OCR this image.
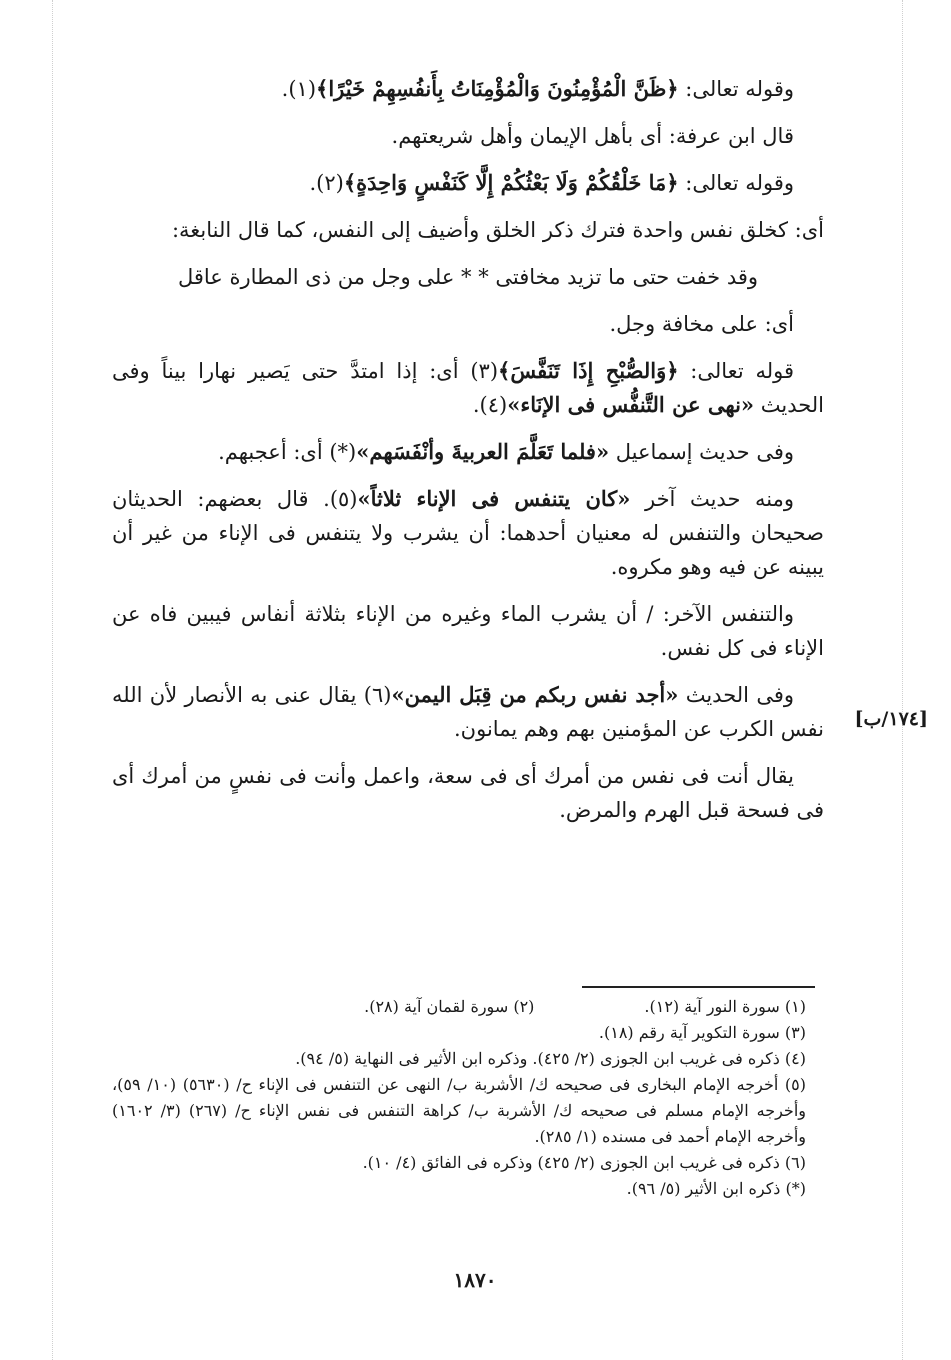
وقوله تعالى: ﴿ظَنَّ الْمُؤْمِنُونَ وَالْمُؤْمِنَاتُ بِأَنفُسِهِمْ خَيْرًا﴾(١).

قال ابن عرفة: أى بأهل الإيمان وأهل شريعتهم.

وقوله تعالى: ﴿مَا خَلْقُكُمْ وَلَا بَعْثُكُمْ إِلَّا كَنَفْسٍ وَاحِدَةٍ﴾(٢).

أى: كخلق نفس واحدة فترك ذكر الخلق وأضيف إلى النفس، كما قال النابغة:

وقد خفت حتى ما تزيد مخافتى * * على وجل من ذى المطارة عاقل

أى: على مخافة وجل.

قوله تعالى: ﴿وَالصُّبْحِ إِذَا تَنَفَّسَ﴾(٣) أى: إذا امتدَّ حتى يَصير نهارا بيناً وفى الحديث «نهى عن التَّنفُّس فى الإنَاء»(٤).

وفى حديث إسماعيل «فلما تَعَلَّمَ العربيةَ وأنْفَسَهم»(*) أى: أعجبهم.

ومنه حديث آخر «كان يتنفس فى الإناء ثلاثاً»(٥). قال بعضهم: الحديثان صحيحان والتنفس له معنيان أحدهما: أن يشرب ولا يتنفس فى الإناء من غير أن يبينه عن فيه وهو مكروه.

والتنفس الآخر: / أن يشرب الماء وغيره من الإناء بثلاثة أنفاس فيبين فاه عن الإناء فى كل نفس.

وفى الحديث «أجد نفس ربكم من قِبَل اليمن»(٦) يقال عنى به الأنصار لأن الله نفس الكرب عن المؤمنين بهم وهم يمانون.

يقال أنت فى نفس من أمرك أى فى سعة، واعمل وأنت فى نفسٍ من أمرك أى فى فسحة قبل الهرم والمرض.

[١٧٤/ب]
(١) سورة النور آية (١٢).
(٢) سورة لقمان آية (٢٨).

(٣) سورة التكوير آية رقم (١٨).

(٤) ذكره فى غريب ابن الجوزى (٢/ ٤٢٥). وذكره ابن الأثير فى النهاية (٥/ ٩٤).

(٥) أخرجه الإمام البخارى فى صحيحه ك/ الأشربة ب/ النهى عن التنفس فى الإناء ح/ (٥٦٣٠) (١٠/ ٥٩)، وأخرجه الإمام مسلم فى صحيحه ك/ الأشربة ب/ كراهة التنفس فى نفس الإناء ح/ (٢٦٧) (٣/ ١٦٠٢) وأخرجه الإمام أحمد فى مسنده (١/ ٢٨٥).

(٦) ذكره فى غريب ابن الجوزى (٢/ ٤٢٥) وذكره فى الفائق (٤/ ١٠).

(*) ذكره ابن الأثير (٥/ ٩٦).

١٨٧٠
